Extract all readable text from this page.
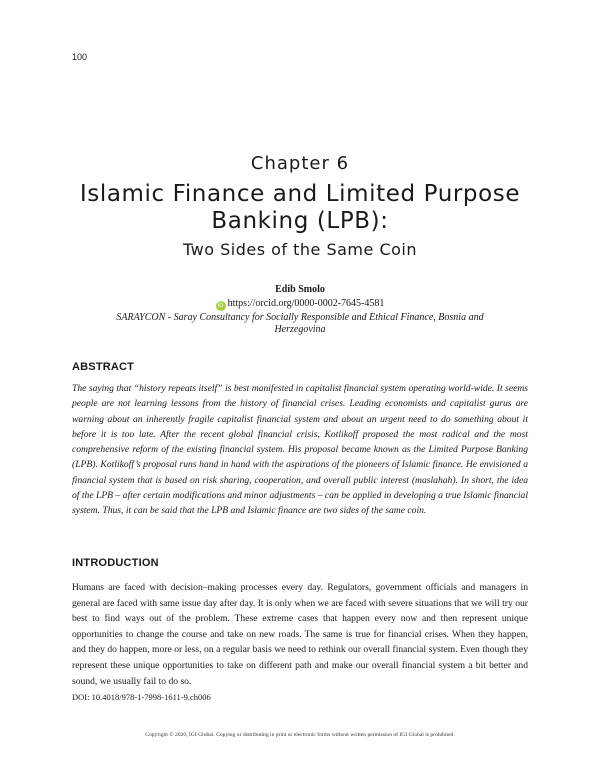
100
Chapter 6
Islamic Finance and Limited Purpose Banking (LPB):
Two Sides of the Same Coin
Edib Smolo
iD https://orcid.org/0000-0002-7645-4581
SARAYCON - Saray Consultancy for Socially Responsible and Ethical Finance, Bosnia and Herzegovina
ABSTRACT

The saying that “history repeats itself” is best manifested in capitalist financial system operating world-wide. It seems people are not learning lessons from the history of financial crises. Leading economists and capitalist gurus are warning about an inherently fragile capitalist financial system and about an urgent need to do something about it before it is too late. After the recent global financial crisis, Kotlikoff proposed the most radical and the most comprehensive reform of the existing financial system. His proposal became known as the Limited Purpose Banking (LPB). Kotlikoff’s proposal runs hand in hand with the aspirations of the pioneers of Islamic finance. He envisioned a financial system that is based on risk sharing, cooperation, and overall public interest (maslahah). In short, the idea of the LPB – after certain modifications and minor adjustments – can be applied in developing a true Islamic financial system. Thus, it can be said that the LPB and Islamic finance are two sides of the same coin.

INTRODUCTION

Humans are faced with decision–making processes every day. Regulators, government officials and managers in general are faced with same issue day after day. It is only when we are faced with severe situations that we will try our best to find ways out of the problem. These extreme cases that happen every now and then represent unique opportunities to change the course and take on new roads. The same is true for financial crises. When they happen, and they do happen, more or less, on a regular basis we need to rethink our overall financial system. Even though they represent these unique opportunities to take on different path and make our overall financial system a bit better and sound, we usually fail to do so.

DOI: 10.4018/978-1-7998-1611-9.ch006
Copyright © 2020, IGI Global. Copying or distributing in print or electronic forms without written permission of IGI Global is prohibited.
